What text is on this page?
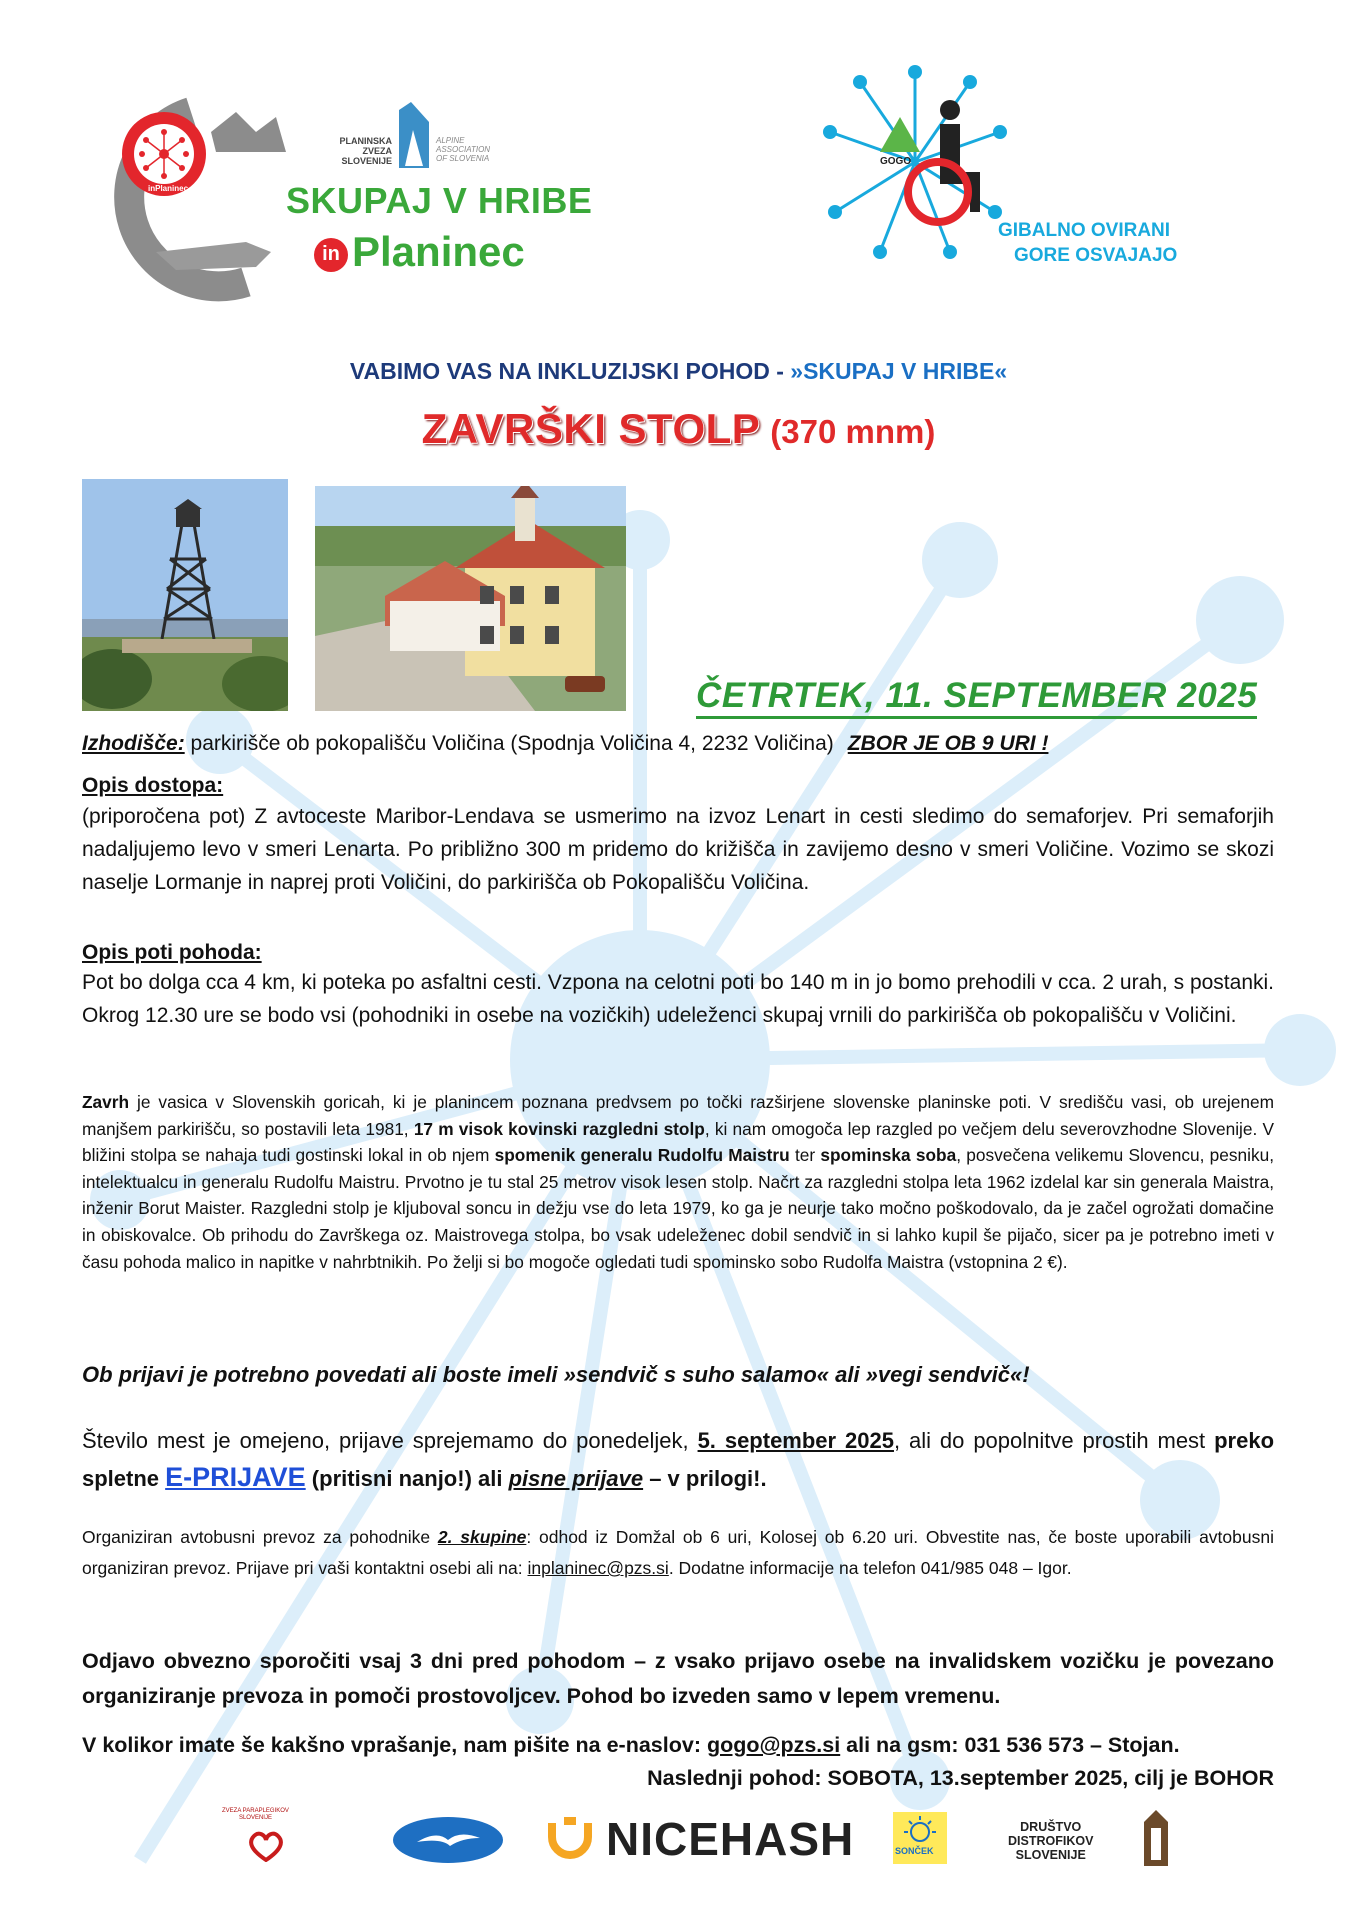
inPlaninec
PLANINSKA
ZVEZA
SLOVENIJE
ALPINE
ASSOCIATION
OF SLOVENIA
SKUPAJ V HRIBE
in Planinec
GOGO
GIBALNO OVIRANI
GORE OSVAJAJO
VABIMO VAS NA INKLUZIJSKI POHOD - »SKUPAJ V HRIBE«
ZAVRŠKI STOLP (370 mnm)
ČETRTEK, 11. SEPTEMBER 2025
Izhodišče: parkirišče ob pokopališču Voličina (Spodnja Voličina 4, 2232 Voličina) ZBOR JE OB 9 URI !
Opis dostopa:
(priporočena pot) Z avtoceste Maribor-Lendava se usmerimo na izvoz Lenart in cesti sledimo do semaforjev. Pri semaforjih nadaljujemo levo v smeri Lenarta. Po približno 300 m pridemo do križišča in zavijemo desno v smeri Voličine. Vozimo se skozi naselje Lormanje in naprej proti Voličini, do parkirišča ob Pokopališču Voličina.
Opis poti pohoda:
Pot bo dolga cca 4 km, ki poteka po asfaltni cesti. Vzpona na celotni poti bo 140 m in jo bomo prehodili v cca. 2 urah, s postanki. Okrog 12.30 ure se bodo vsi (pohodniki in osebe na vozičkih) udeleženci skupaj vrnili do parkirišča ob pokopališču v Voličini.
Zavrh je vasica v Slovenskih goricah, ki je planincem poznana predvsem po točki razširjene slovenske planinske poti. V središču vasi, ob urejenem manjšem parkirišču, so postavili leta 1981, 17 m visok kovinski razgledni stolp, ki nam omogoča lep razgled po večjem delu severovzhodne Slovenije. V bližini stolpa se nahaja tudi gostinski lokal in ob njem spomenik generalu Rudolfu Maistru ter spominska soba, posvečena velikemu Slovencu, pesniku, intelektualcu in generalu Rudolfu Maistru. Prvotno je tu stal 25 metrov visok lesen stolp. Načrt za razgledni stolpa leta 1962 izdelal kar sin generala Maistra, inženir Borut Maister. Razgledni stolp je kljuboval soncu in dežju vse do leta 1979, ko ga je neurje tako močno poškodovalo, da je začel ogrožati domačine in obiskovalce. Ob prihodu do Završkega oz. Maistrovega stolpa, bo vsak udeleženec dobil sendvič in si lahko kupil še pijačo, sicer pa je potrebno imeti v času pohoda malico in napitke v nahrbtnikih. Po želji si bo mogoče ogledati tudi spominsko sobo Rudolfa Maistra (vstopnina 2 €).
Ob prijavi je potrebno povedati ali boste imeli »sendvič s suho salamo« ali »vegi sendvič«!
Število mest je omejeno, prijave sprejemamo do ponedeljek, 5. september 2025, ali do popolnitve prostih mest preko spletne E-PRIJAVE (pritisni nanjo!) ali pisne prijave – v prilogi!.
Organiziran avtobusni prevoz za pohodnike 2. skupine: odhod iz Domžal ob 6 uri, Kolosej ob 6.20 uri. Obvestite nas, če boste uporabili avtobusni organiziran prevoz. Prijave pri vaši kontaktni osebi ali na: inplaninec@pzs.si. Dodatne informacije na telefon 041/985 048 – Igor.
Odjavo obvezno sporočiti vsaj 3 dni pred pohodom – z vsako prijavo osebe na invalidskem vozičku je povezano organiziranje prevoza in pomoči prostovoljcev. Pohod bo izveden samo v lepem vremenu.
V kolikor imate še kakšno vprašanje, nam pišite na e-naslov: gogo@pzs.si ali na gsm: 031 536 573 – Stojan.
Naslednji pohod: SOBOTA, 13.september 2025, cilj je BOHOR
ZVEZA PARAPLEGIKOV
SLOVENIJE	NICEHASH	SONČEK
DRUŠTVO
DISTROFIKOV
SLOVENIJE
